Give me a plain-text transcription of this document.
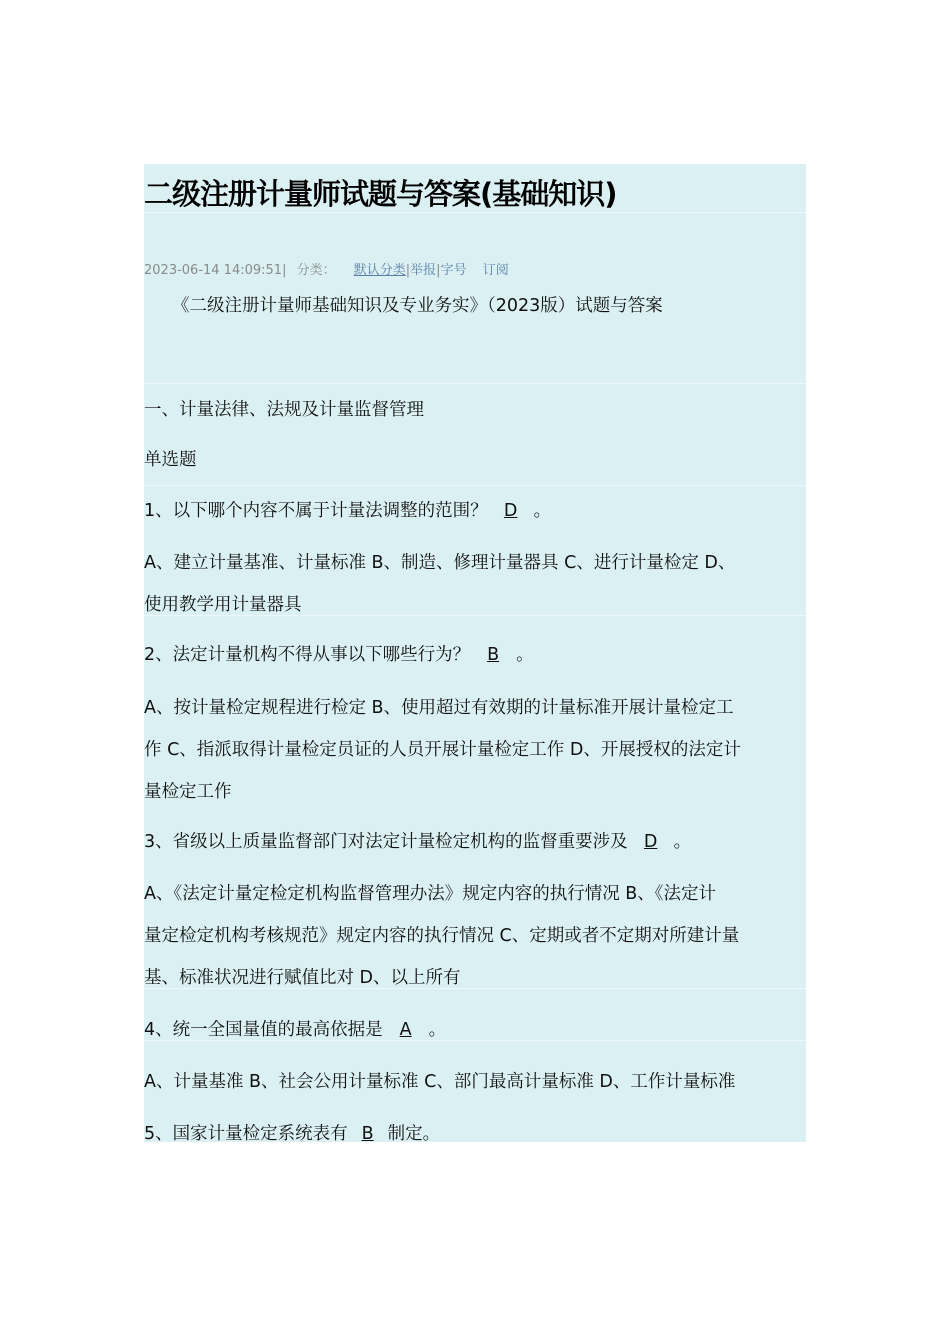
二级注册计量师试题与答案(基础知识)
2023-06-14 14:09:51| 分类： 默认分类|举报|字号 订阅
《二级注册计量师基础知识及专业务实》（2023版）试题与答案
一、计量法律、法规及计量监督管理
单选题
1、以下哪个内容不属于计量法调整的范围？ D 。
A、建立计量基准、计量标准 B、制造、修理计量器具 C、进行计量检定 D、
使用教学用计量器具
2、法定计量机构不得从事以下哪些行为？ B 。
A、按计量检定规程进行检定 B、使用超过有效期的计量标准开展计量检定工
作 C、指派取得计量检定员证的人员开展计量检定工作 D、开展授权的法定计
量检定工作
3、省级以上质量监督部门对法定计量检定机构的监督重要涉及 D 。
A、《法定计量定检定机构监督管理办法》规定内容的执行情况 B、《法定计
量定检定机构考核规范》规定内容的执行情况 C、定期或者不定期对所建计量
基、标准状况进行赋值比对 D、以上所有
4、统一全国量值的最高依据是 A 。
A、计量基准 B、社会公用计量标准 C、部门最高计量标准 D、工作计量标准
5、国家计量检定系统表有 B 制定。
